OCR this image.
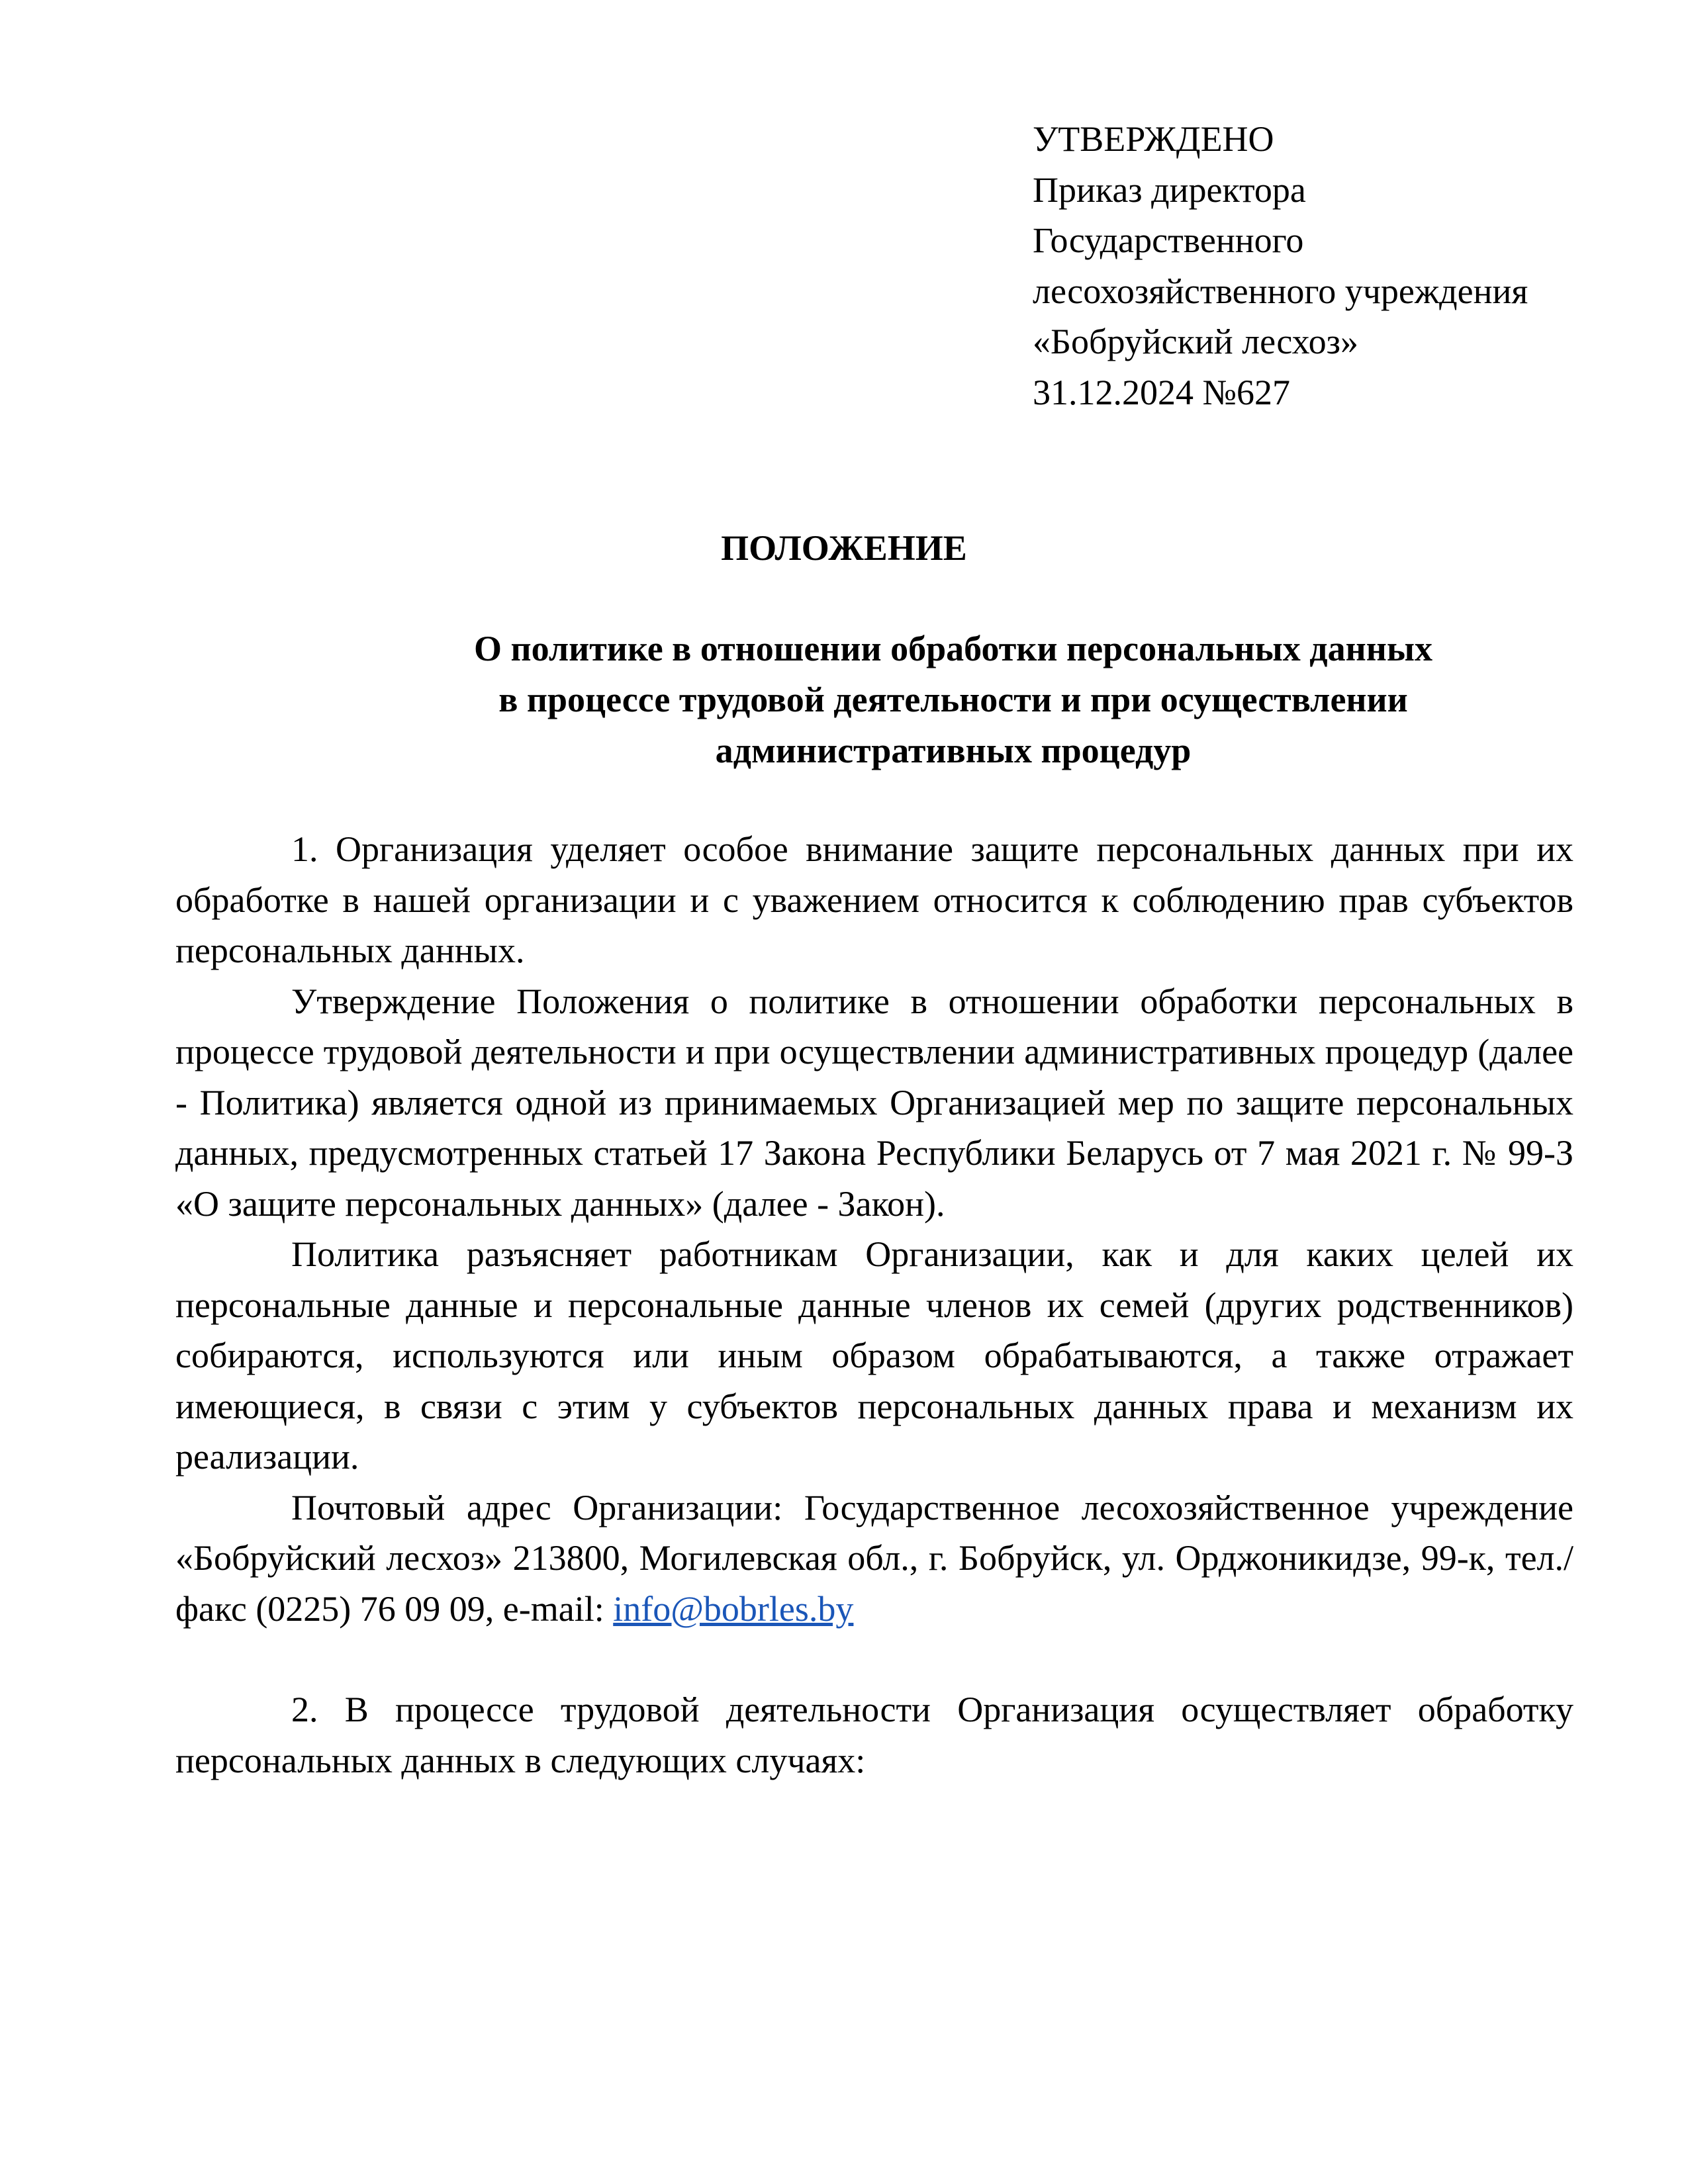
УТВЕРЖДЕНО
Приказ директора
Государственного
лесохозяйственного учреждения
«Бобруйский лесхоз»
31.12.2024 №627
ПОЛОЖЕНИЕ
О политике в отношении обработки персональных данных
в процессе трудовой деятельности и при осуществлении
административных процедур

1. Организация уделяет особое внимание защите персональных данных при их обработке в нашей организации и с уважением относится к соблюдению прав субъектов персональных данных.

Утверждение Положения о политике в отношении обработки персональных в процессе трудовой деятельности и при осуществлении административных процедур (далее - Политика) является одной из принимаемых Организацией мер по защите персональных данных, предусмотренных статьей 17 Закона Республики Беларусь от 7 мая 2021 г. № 99-З «О защите персональных данных» (далее - Закон).

Политика разъясняет работникам Организации, как и для каких целей их персональные данные и персональные данные членов их семей (других родственников) собираются, используются или иным образом обрабатываются, а также отражает имеющиеся, в связи с этим у субъектов персональных данных права и механизм их реализации.

Почтовый адрес Организации: Государственное лесохозяйственное учреждение «Бобруйский лесхоз» 213800, Могилевская обл., г. Бобруйск, ул. Орджоникидзе, 99-к, тел./факс (0225) 76 09 09, e-mail: info@bobrles.by

2. В процессе трудовой деятельности Организация осуществляет обработку персональных данных в следующих случаях:
